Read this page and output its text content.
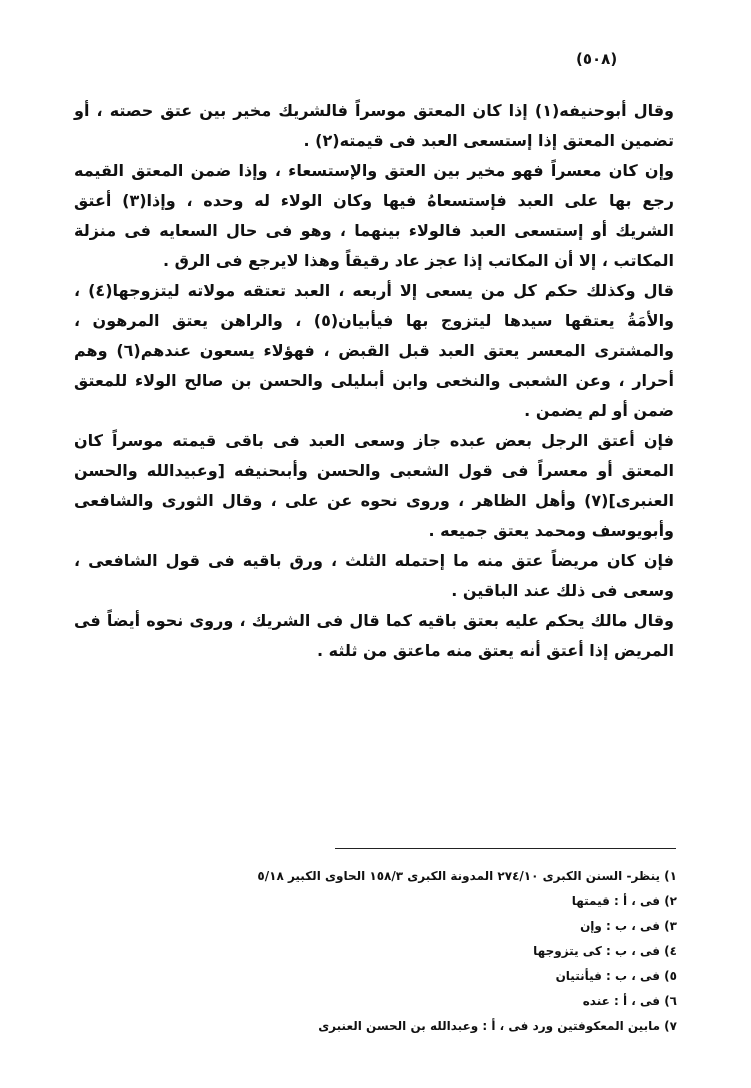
(٥٠٨)

وقال أبوحنيفه(١) إذا كان المعتق موسراً فالشريك مخير بين عتق حصته ، أو تضمين المعتق إذا إستسعى العبد فى قيمته(٢) .

وإن كان معسراً فهو مخير بين العتق والإستسعاء ، وإذا ضمن المعتق القيمه رجع بها على العبد فإستسعاهُ فيها وكان الولاء له وحده ، وإذا(٣) أعتق الشريك أو إستسعى العبد فالولاء بينهما ، وهو فى حال السعايه فى منزلة المكاتب ، إلا أن المكاتب إذا عجز عاد رقيقاً وهذا لايرجع فى الرق .

قال وكذلك حكم كل من يسعى إلا أربعه ، العبد تعتقه مولاته ليتزوجها(٤) ، والأمَةُ يعتقها سيدها ليتزوج بها فيأبيان(٥) ، والراهن يعتق المرهون ، والمشترى المعسر يعتق العبد قبل القبض ، فهؤلاء يسعون عندهم(٦) وهم أحرار ، وعن الشعبى والنخعى وابن أبىليلى والحسن بن صالح الولاء للمعتق ضمن أو لم يضمن .

فإن أعتق الرجل بعض عبده جاز وسعى العبد فى باقى قيمته موسراً كان المعتق أو معسراً فى قول الشعبى والحسن وأبىحنيفه [وعبيدالله والحسن العنبرى](٧) وأهل الظاهر ، وروى نحوه عن على ، وقال الثورى والشافعى وأبويوسف ومحمد يعتق جميعه .

فإن كان مريضاً عتق منه ما إحتمله الثلث ، ورق باقيه فى قول الشافعى ، وسعى فى ذلك عند الباقين .

وقال مالك يحكم عليه بعتق باقيه كما قال فى الشريك ، وروى نحوه أيضاً فى المريض إذا أعتق أنه يعتق منه ماعتق من ثلثه .

١) ينظر- السنن الكبرى ٢٧٤/١٠ المدونة الكبرى ١٥٨/٣ الحاوى الكبير ٥/١٨
٢) فى ، أ : قيمتها
٣) فى ، ب : وإن
٤) فى ، ب : كى يتزوجها
٥) فى ، ب : فيأنتيان
٦) فى ، أ : عنده
٧) مابين المعكوفتين ورد فى ، أ : وعبدالله بن الحسن العنبرى
